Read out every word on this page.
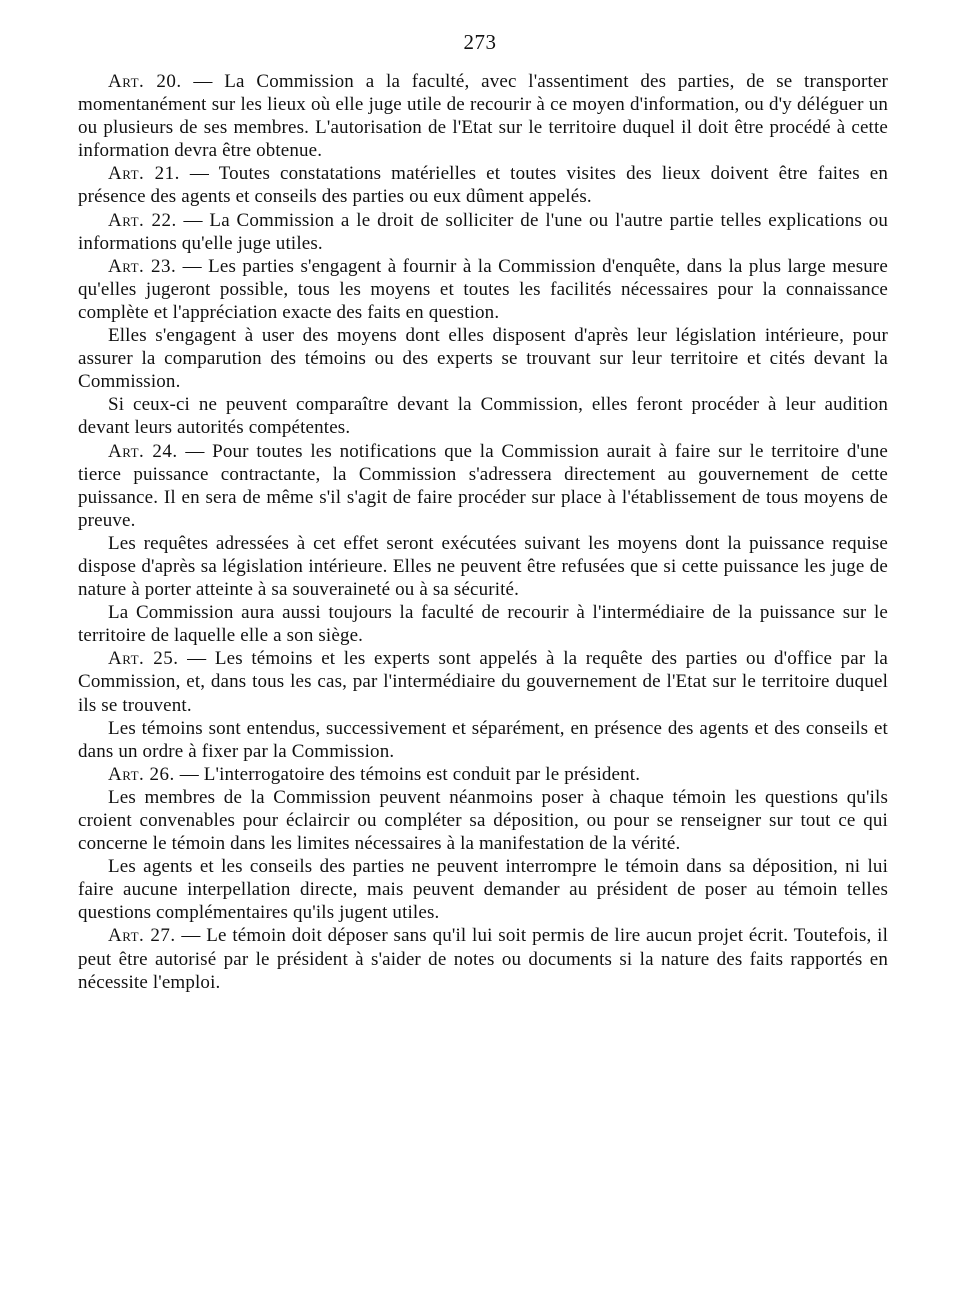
273

Art. 20. — La Commission a la faculté, avec l'assentiment des parties, de se transporter momentanément sur les lieux où elle juge utile de recourir à ce moyen d'information, ou d'y déléguer un ou plusieurs de ses membres. L'autorisation de l'Etat sur le territoire duquel il doit être procédé à cette information devra être obtenue.

Art. 21. — Toutes constatations matérielles et toutes visites des lieux doivent être faites en présence des agents et conseils des parties ou eux dûment appelés.

Art. 22. — La Commission a le droit de solliciter de l'une ou l'autre partie telles explications ou informations qu'elle juge utiles.

Art. 23. — Les parties s'engagent à fournir à la Commission d'enquête, dans la plus large mesure qu'elles jugeront possible, tous les moyens et toutes les facilités nécessaires pour la connaissance complète et l'appréciation exacte des faits en question.

Elles s'engagent à user des moyens dont elles disposent d'après leur législation intérieure, pour assurer la comparution des témoins ou des experts se trouvant sur leur territoire et cités devant la Commission.

Si ceux-ci ne peuvent comparaître devant la Commission, elles feront procéder à leur audition devant leurs autorités compétentes.

Art. 24. — Pour toutes les notifications que la Commission aurait à faire sur le territoire d'une tierce puissance contractante, la Commission s'adressera directement au gouvernement de cette puissance. Il en sera de même s'il s'agit de faire procéder sur place à l'établissement de tous moyens de preuve.

Les requêtes adressées à cet effet seront exécutées suivant les moyens dont la puissance requise dispose d'après sa législation intérieure. Elles ne peuvent être refusées que si cette puissance les juge de nature à porter atteinte à sa souveraineté ou à sa sécurité.

La Commission aura aussi toujours la faculté de recourir à l'intermédiaire de la puissance sur le territoire de laquelle elle a son siège.

Art. 25. — Les témoins et les experts sont appelés à la requête des parties ou d'office par la Commission, et, dans tous les cas, par l'intermédiaire du gouvernement de l'Etat sur le territoire duquel ils se trouvent.

Les témoins sont entendus, successivement et séparément, en présence des agents et des conseils et dans un ordre à fixer par la Commission.

Art. 26. — L'interrogatoire des témoins est conduit par le président.

Les membres de la Commission peuvent néanmoins poser à chaque témoin les questions qu'ils croient convenables pour éclaircir ou compléter sa déposition, ou pour se renseigner sur tout ce qui concerne le témoin dans les limites nécessaires à la manifestation de la vérité.

Les agents et les conseils des parties ne peuvent interrompre le témoin dans sa déposition, ni lui faire aucune interpellation directe, mais peuvent demander au président de poser au témoin telles questions complémentaires qu'ils jugent utiles.

Art. 27. — Le témoin doit déposer sans qu'il lui soit permis de lire aucun projet écrit. Toutefois, il peut être autorisé par le président à s'aider de notes ou documents si la nature des faits rapportés en nécessite l'emploi.
